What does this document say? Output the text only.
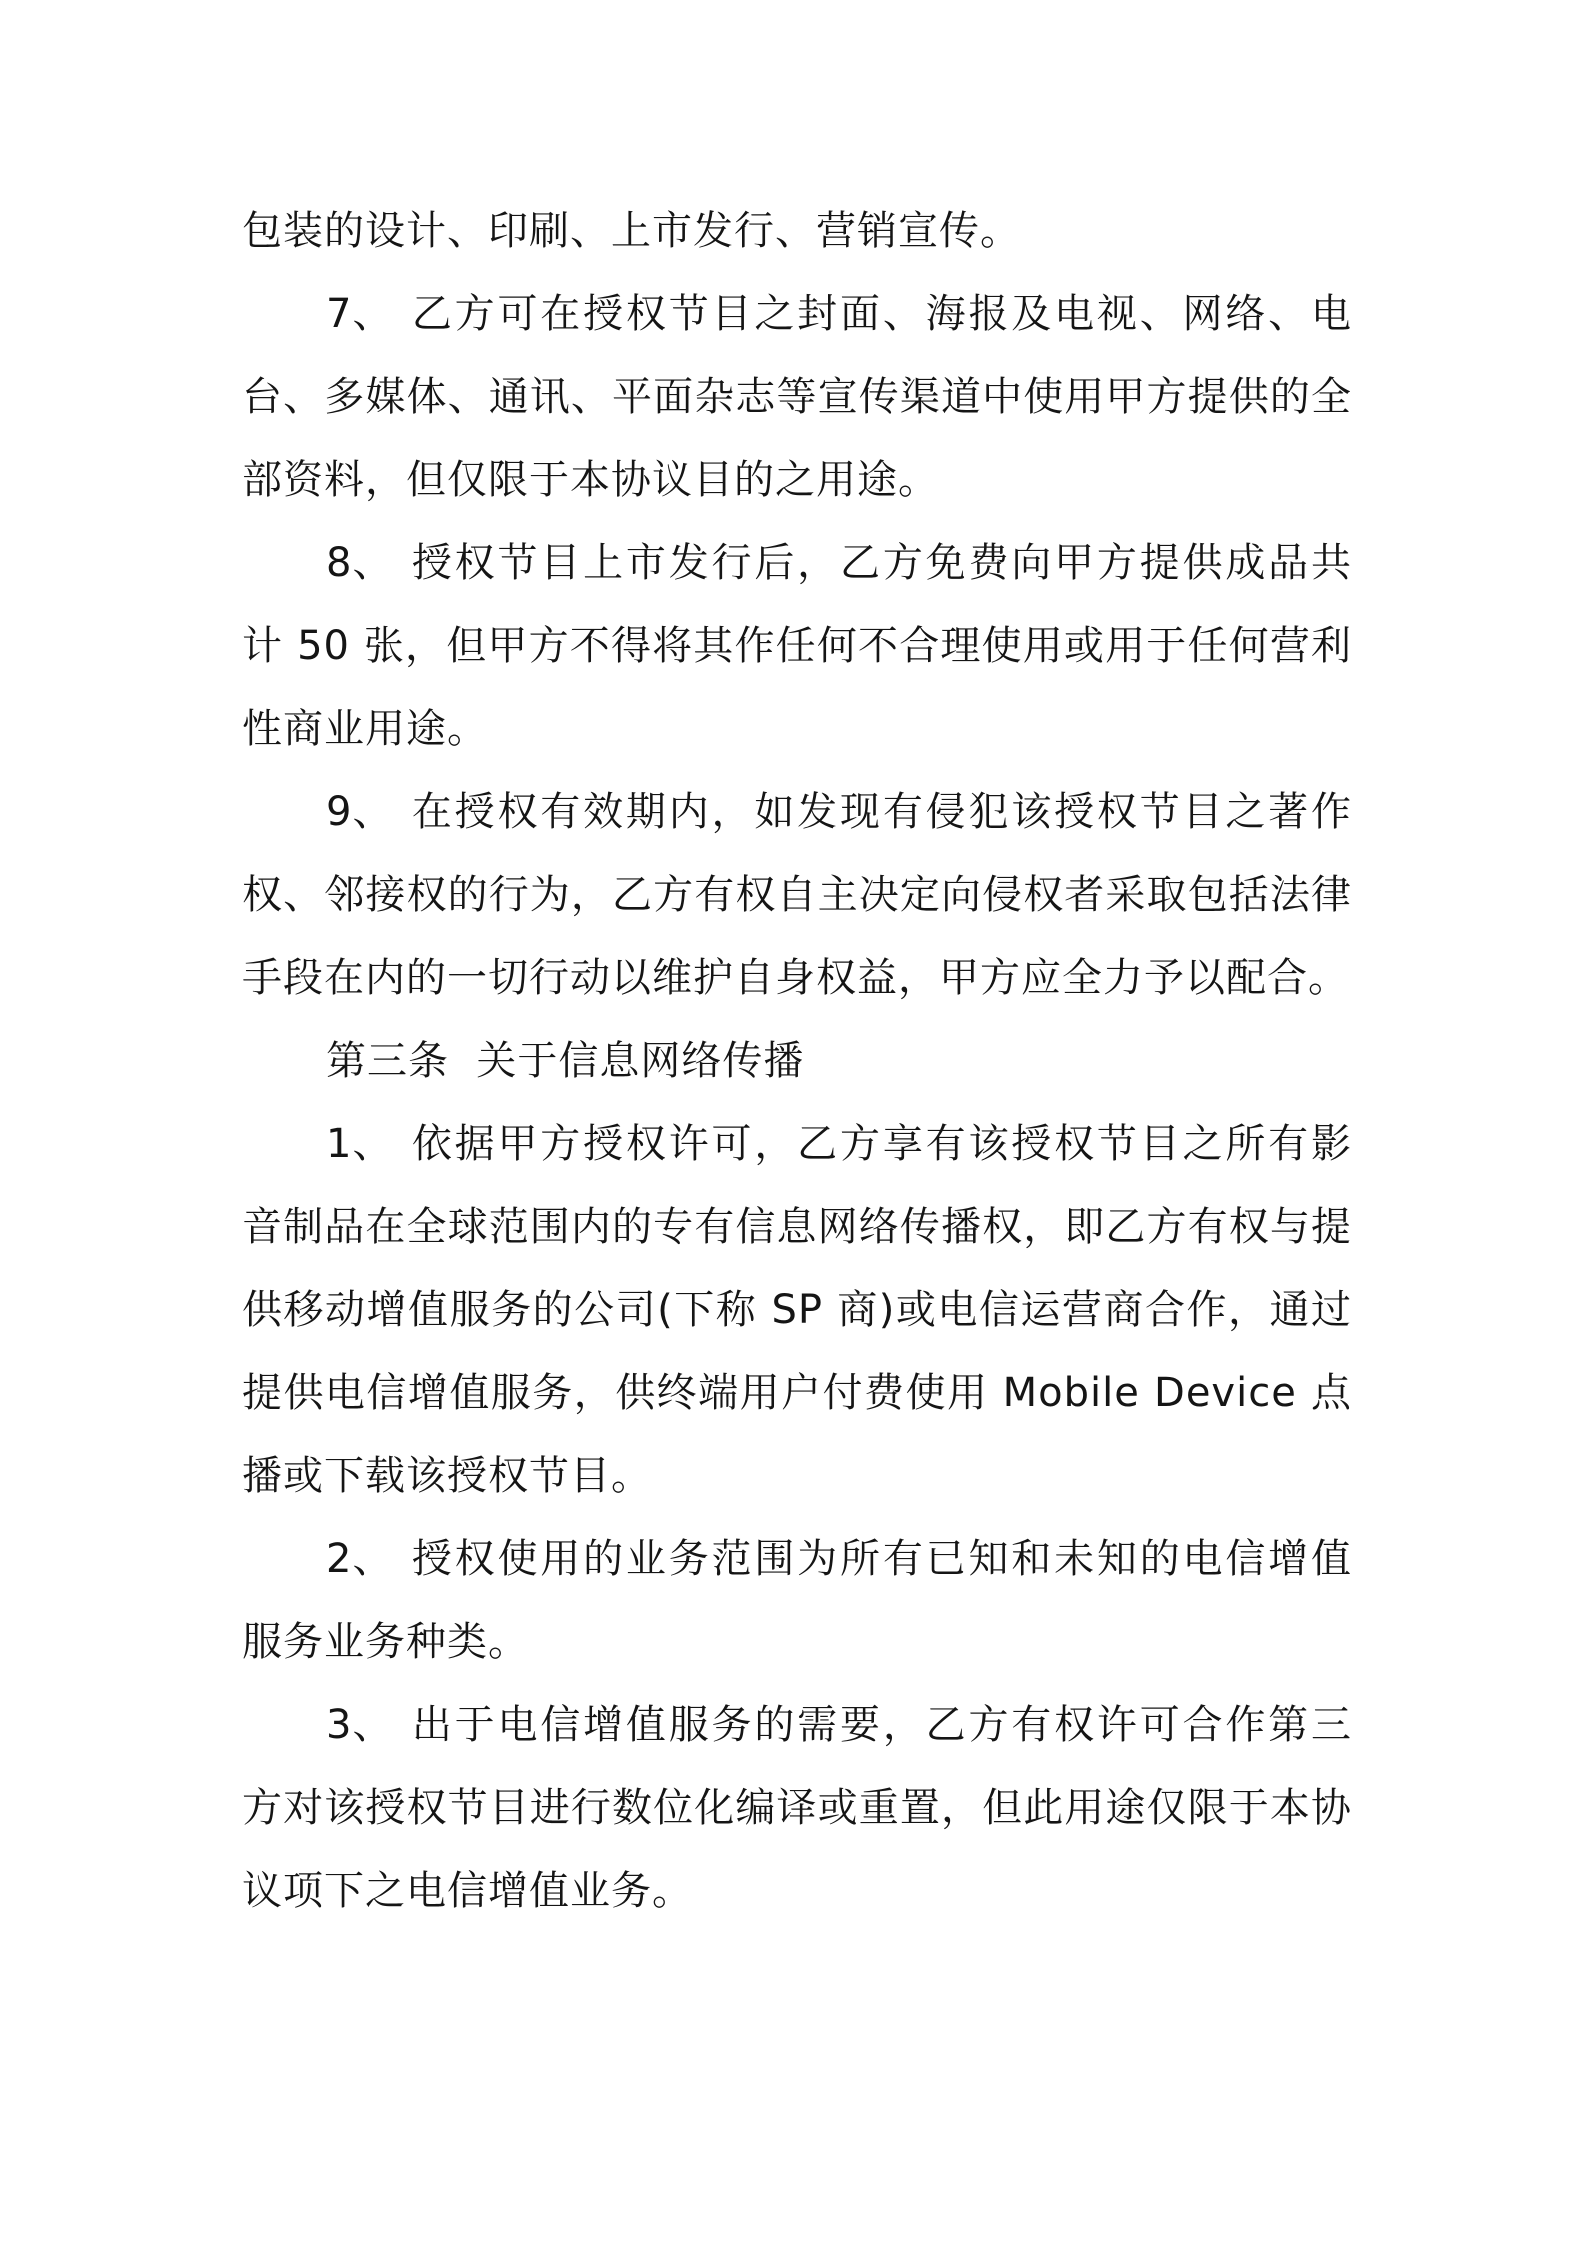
包装的设计、印刷、上市发行、营销宣传。

7、 乙方可在授权节目之封面、海报及电视、网络、电台、多媒体、通讯、平面杂志等宣传渠道中使用甲方提供的全部资料，但仅限于本协议目的之用途。

8、 授权节目上市发行后，乙方免费向甲方提供成品共计 50 张，但甲方不得将其作任何不合理使用或用于任何营利性商业用途。

9、 在授权有效期内，如发现有侵犯该授权节目之著作权、邻接权的行为，乙方有权自主决定向侵权者采取包括法律手段在内的一切行动以维护自身权益，甲方应全力予以配合。

第三条  关于信息网络传播

1、 依据甲方授权许可，乙方享有该授权节目之所有影音制品在全球范围内的专有信息网络传播权，即乙方有权与提供移动增值服务的公司(下称 SP 商)或电信运营商合作，通过提供电信增值服务，供终端用户付费使用 Mobile Device 点播或下载该授权节目。

2、 授权使用的业务范围为所有已知和未知的电信增值服务业务种类。

3、 出于电信增值服务的需要，乙方有权许可合作第三方对该授权节目进行数位化编译或重置，但此用途仅限于本协议项下之电信增值业务。
